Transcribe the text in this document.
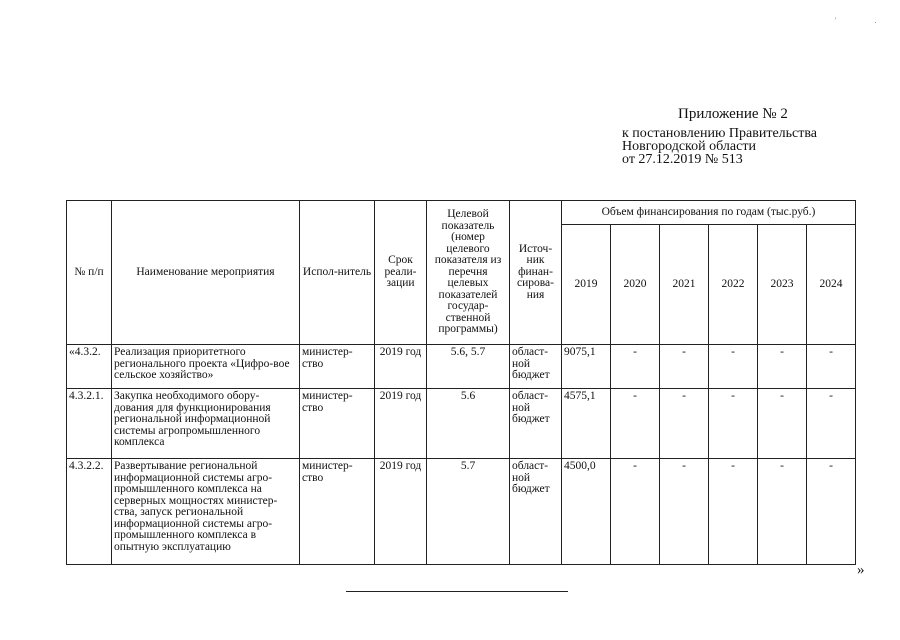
' .
Приложение № 2
к постановлению Правительства
Новгородской области
от 27.12.2019 № 513
№ п/п	Наименование мероприятия	Испол-нитель	Срок реали-зации	Целевой показатель (номер целевого показателя из перечня целевых показателей государ-ственной программы)	Источ-ник финан-сирова-ния	Объем финансирования по годам (тыс.руб.)					
						2019	2020	2021	2022	2023	2024
«4.3.2.	Реализация приоритетного регионального проекта «Цифро-вое сельское хозяйство»	министер-ство	2019 год	5.6, 5.7	област-ной бюджет	9075,1	-	-	-	-	-
4.3.2.1.	Закупка необходимого обору-дования для функционирования региональной информационной системы агропромышленного комплекса	министер-ство	2019 год	5.6	област-ной бюджет	4575,1	-	-	-	-	-
4.3.2.2.	Развертывание региональной информационной системы агро-промышленного комплекса на серверных мощностях министер-ства, запуск региональной информационной системы агро-промышленного комплекса в опытную эксплуатацию	министер-ство	2019 год	5.7	област-ной бюджет	4500,0	-	-	-	-	-
»
